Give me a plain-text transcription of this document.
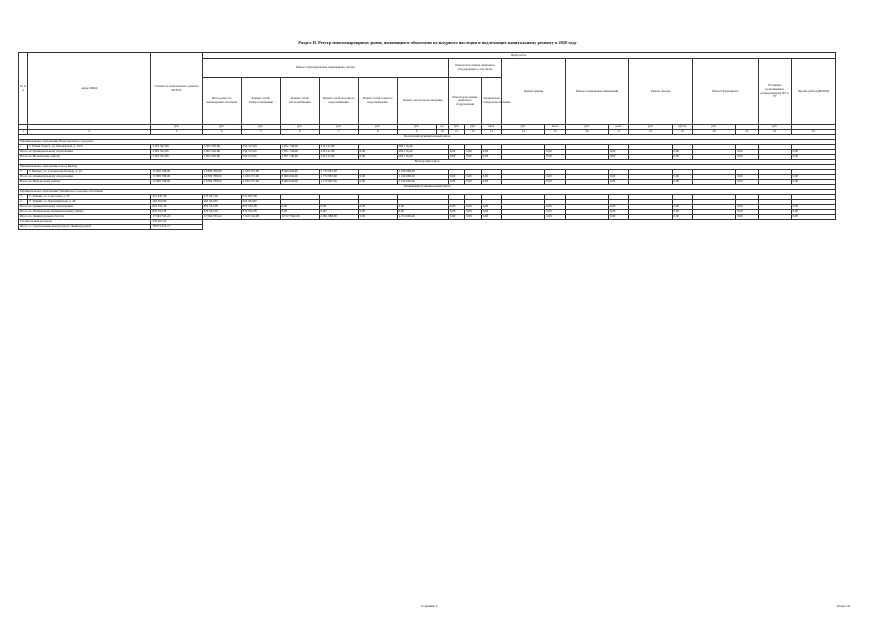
Раздел II. Реестр многоквартирных домов, являющихся объектами культурного наследия и подлежащих капитальному ремонту в 2020 году
№ п/п	Адрес МКД	Стоимость капитального ремонта ВСЕГО	Виды работ																			
			Ремонт внутридомовых инженерных систем							Ремонт или замена лифтового оборудования, в том числе			Ремонт крыши		Ремонт подвальных помещений		Ремонт фасада		Ремонт фундамента		Установка коллективных (общедомовых) ПУ и УУ	Прочие работы(ФОНД)
			Всего работ по инженерным системам	Ремонт сетей электроснабжения	Ремонт сетей теплоснабжения	Ремонт сетей холодного водоснабжения	Ремонт сетей горячего водоснабжения	Ремонт систем водоотведения		Ремонт или замена лифтового оборудования		Техническое освидетельствование										
		руб.	руб.	руб.	руб.	руб.	руб.	руб.	ед.	руб.	руб.	кв.м.	руб.	кв.м.	руб.	кв.м.	руб.	куб.м.	руб.		руб.	
1	2	3	4	5	6	7	8	9	10	11	12	13	14	15	16	17	18	19	20	21	22	23
Волховский муниципальный район																						
Муниципальное образование Новоладожское городское																						
1	Г. Новая Ладога, ул. Пионерская, д. 10/А	3 005 502,86	3 005 502,86	550 515,60	1 851 749,06	319 121,80		284 116,40														
Итого по муниципальному образованию		3 005 502,86	3 005 502,86	550 515,60	1 851 749,06	319 121,80	0,00	284 116,40		0,00	0,00	0,00		0,00		0,00		0,00		0,00		0,00
Итого по Волховскому району		3 005 502,86	3 005 502,86	550 515,60	1 851 749,06	319 121,80	0,00	284 116,40		0,00	0,00	0,00		0,00		0,00		0,00		0,00		0,00
Выборгский район																						
Муниципальное образование Город Выборг																						
3	Г. Выборг, ул. Строителей Балфор, д. 10	13 809 788,00	13 809 788,00	2 180 257,00	8 666 094,00	1 772 867,00		1 190 690,00														
Итого по муниципальному образованию		13 809 788,00	13 809 788,00	2 180 257,00	8 666 094,00	1 772 867,00	0,00	1 190 690,00		0,00	0,00	0,00		0,00		0,00		0,00		0,00		0,00
Итого по Выборгскому району		13 809 788,00	13 809 788,00	2 180 257,00	8 666 094,00	1 772 867,00	0,00	1 190 690,00		0,00	0,00	0,00		0,00		0,00		0,00		0,00		0,00
Тихвинский муниципальный район																						
Муниципальное образование Тихвинское городское поселение																						
3	Г. Тихвин, ул. Советская, д. 23	315 047,38	315 047,38	315 047,38																		
4	Г. Тихвин, ул. Чернышевская, д. 48	264 504,80	264 504,80	264 504,80																		
Итого по муниципальному образованию		879 552,38	879 552,38	879 552,38	0,00	0,00	0,00	0,00		0,00	0,00	0,00		0,00		0,00		0,00		0,00		0,00
Итого по Тихвинскому муниципальному району		879 552,38	879 552,38	879 552,38	0,00	0,00	0,00	0,00		0,00	0,00	0,00		0,00		0,00		0,00		0,00		0,00
Итого по Ленинградской области		17 694 763,24	17 694 763,24	3 610 324,98	10 517 843,06	2 091 988,80	0,00	1 474 606,40		0,00	0,00	0,00		0,00		0,00		0,00		0,00		0,00
Строительный контроль		378 667,93																				
Итого со строительным контролем по Ленинградской		18 073 431,17																				
Страница 2	Раздел II
